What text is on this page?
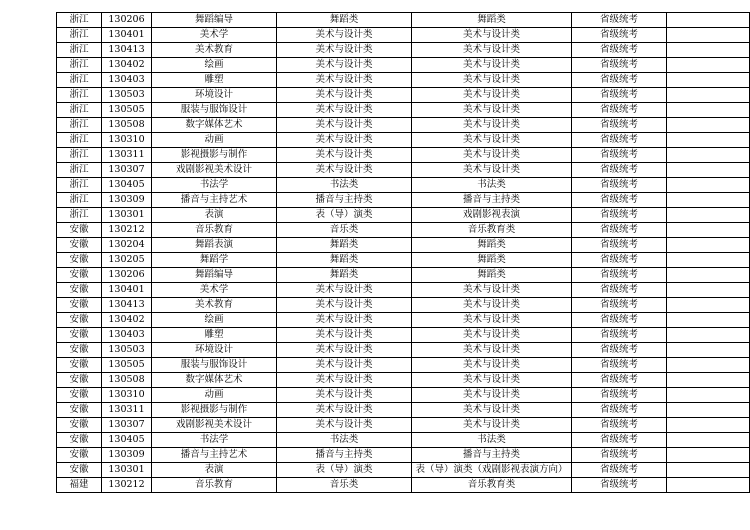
浙江	130206	舞蹈编导	舞蹈类	舞蹈类	省级统考	
浙江	130401	美术学	美术与设计类	美术与设计类	省级统考	
浙江	130413	美术教育	美术与设计类	美术与设计类	省级统考	
浙江	130402	绘画	美术与设计类	美术与设计类	省级统考	
浙江	130403	雕塑	美术与设计类	美术与设计类	省级统考	
浙江	130503	环境设计	美术与设计类	美术与设计类	省级统考	
浙江	130505	服装与服饰设计	美术与设计类	美术与设计类	省级统考	
浙江	130508	数字媒体艺术	美术与设计类	美术与设计类	省级统考	
浙江	130310	动画	美术与设计类	美术与设计类	省级统考	
浙江	130311	影视摄影与制作	美术与设计类	美术与设计类	省级统考	
浙江	130307	戏剧影视美术设计	美术与设计类	美术与设计类	省级统考	
浙江	130405	书法学	书法类	书法类	省级统考	
浙江	130309	播音与主持艺术	播音与主持类	播音与主持类	省级统考	
浙江	130301	表演	表（导）演类	戏剧影视表演	省级统考	
安徽	130212	音乐教育	音乐类	音乐教育类	省级统考	
安徽	130204	舞蹈表演	舞蹈类	舞蹈类	省级统考	
安徽	130205	舞蹈学	舞蹈类	舞蹈类	省级统考	
安徽	130206	舞蹈编导	舞蹈类	舞蹈类	省级统考	
安徽	130401	美术学	美术与设计类	美术与设计类	省级统考	
安徽	130413	美术教育	美术与设计类	美术与设计类	省级统考	
安徽	130402	绘画	美术与设计类	美术与设计类	省级统考	
安徽	130403	雕塑	美术与设计类	美术与设计类	省级统考	
安徽	130503	环境设计	美术与设计类	美术与设计类	省级统考	
安徽	130505	服装与服饰设计	美术与设计类	美术与设计类	省级统考	
安徽	130508	数字媒体艺术	美术与设计类	美术与设计类	省级统考	
安徽	130310	动画	美术与设计类	美术与设计类	省级统考	
安徽	130311	影视摄影与制作	美术与设计类	美术与设计类	省级统考	
安徽	130307	戏剧影视美术设计	美术与设计类	美术与设计类	省级统考	
安徽	130405	书法学	书法类	书法类	省级统考	
安徽	130309	播音与主持艺术	播音与主持类	播音与主持类	省级统考	
安徽	130301	表演	表（导）演类	表（导）演类（戏剧影视表演方向）	省级统考	
福建	130212	音乐教育	音乐类	音乐教育类	省级统考	
